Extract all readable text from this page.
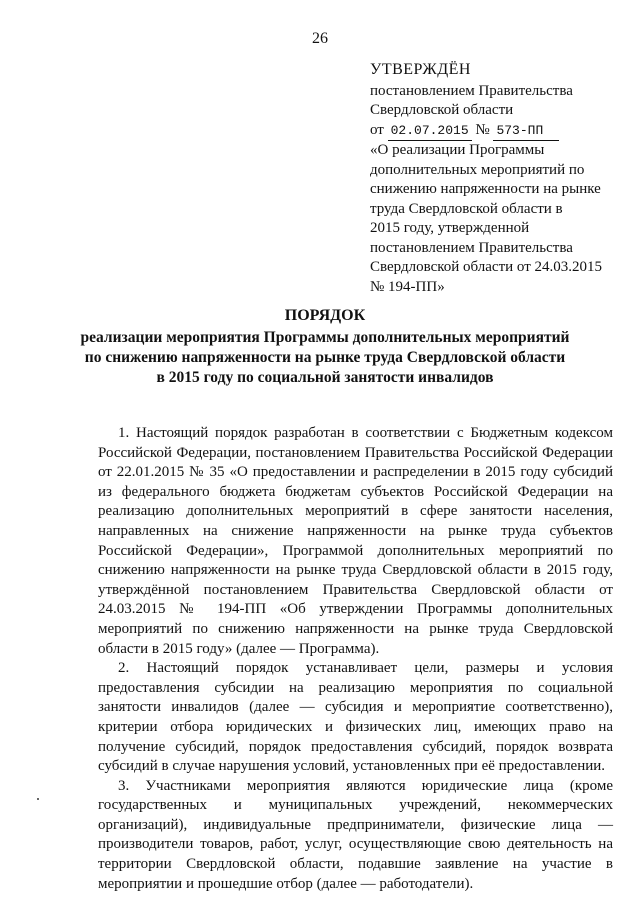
26
УТВЕРЖДЁН
постановлением Правительства
Свердловской области
от 02.07.2015 № 573-ПП
«О реализации Программы
дополнительных мероприятий по
снижению напряженности на рынке
труда Свердловской области в
2015 году, утвержденной
постановлением Правительства
Свердловской области от 24.03.2015
№ 194-ПП»
ПОРЯДОК
реализации мероприятия Программы дополнительных мероприятий
по снижению напряженности на рынке труда Свердловской области
в 2015 году по социальной занятости инвалидов

1. Настоящий порядок разработан в соответствии с Бюджетным кодексом Российской Федерации, постановлением Правительства Российской Федерации от 22.01.2015 № 35 «О предоставлении и распределении в 2015 году субсидий из федерального бюджета бюджетам субъектов Российской Федерации на реализацию дополнительных мероприятий в сфере занятости населения, направленных на снижение напряженности на рынке труда субъектов Российской Федерации», Программой дополнительных мероприятий по снижению напряженности на рынке труда Свердловской области в 2015 году, утверждённой постановлением Правительства Свердловской области от 24.03.2015 № 194-ПП «Об утверждении Программы дополнительных мероприятий по снижению напряженности на рынке труда Свердловской области в 2015 году» (далее — Программа).

2. Настоящий порядок устанавливает цели, размеры и условия предоставления субсидии на реализацию мероприятия по социальной занятости инвалидов (далее — субсидия и мероприятие соответственно), критерии отбора юридических и физических лиц, имеющих право на получение субсидий, порядок предоставления субсидий, порядок возврата субсидий в случае нарушения условий, установленных при её предоставлении.

3. Участниками мероприятия являются юридические лица (кроме государственных и муниципальных учреждений, некоммерческих организаций), индивидуальные предприниматели, физические лица — производители товаров, работ, услуг, осуществляющие свою деятельность на территории Свердловской области, подавшие заявление на участие в мероприятии и прошедшие отбор (далее — работодатели).
